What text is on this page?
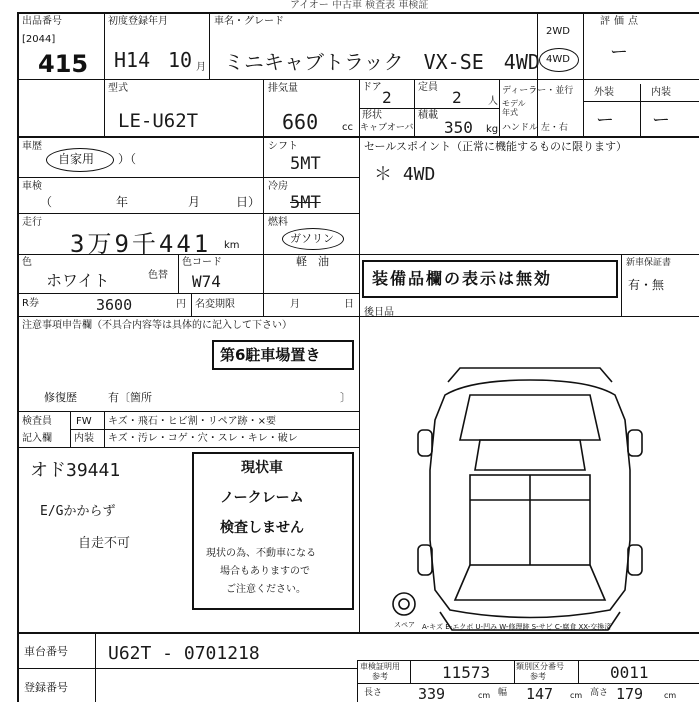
アイオー 中古車 検査表 車検証
出品番号
[2044]
415
初度登録年月
H14 10 月
車名・グレード
ミニキャブトラック　VX-SE　4WD
2WD
4WD
評価点
ー
型式
LE-U62T
排気量
660 cc
ドア
2
定員
2	人
形状
キャブオーバ
積載
350 kg
ディーラー・並行
モデル
年式
ハンドル 左・右
外装	内装
ー ー
車歴
自家用 ）（
シフト
5MT
セールスポイント（正常に機能するものに限ります）
＊ 4WD
車検
（	年	月	日）
冷房
5MT
走行
3万9千441 km
燃料
ガソリン
軽　油
色
ホワイト	色替
色コード
W74
R券	3600	円 名変期限	月	日
装備品欄の表示は無効
新車保証書
有・無
後日品
注意事項申告欄（不具合内容等は具体的に記入して下さい）
第6駐車場置き
修復歴	有〔箇所	〕
検査員
記入欄
FW キズ・飛石・ヒビ割・リペア跡・×要
内装 キズ・汚レ・コゲ・穴・スレ・キレ・破レ
オド39441
E/Gかからず
自走不可
現状車
ノークレーム
検査しません
現状の為、不動車になる
場合もありますので
ご注意ください。
スペア A-キズ E-エクボ U-凹み W-修理跡 S-サビ C-腐食 XX-交換済
車台番号 U62T - 0701218
登録番号
車検証明用
参考	11573	類別区分番号
参考	0011
長さ 339	cm 幅 147 cm 高さ 179	cm
